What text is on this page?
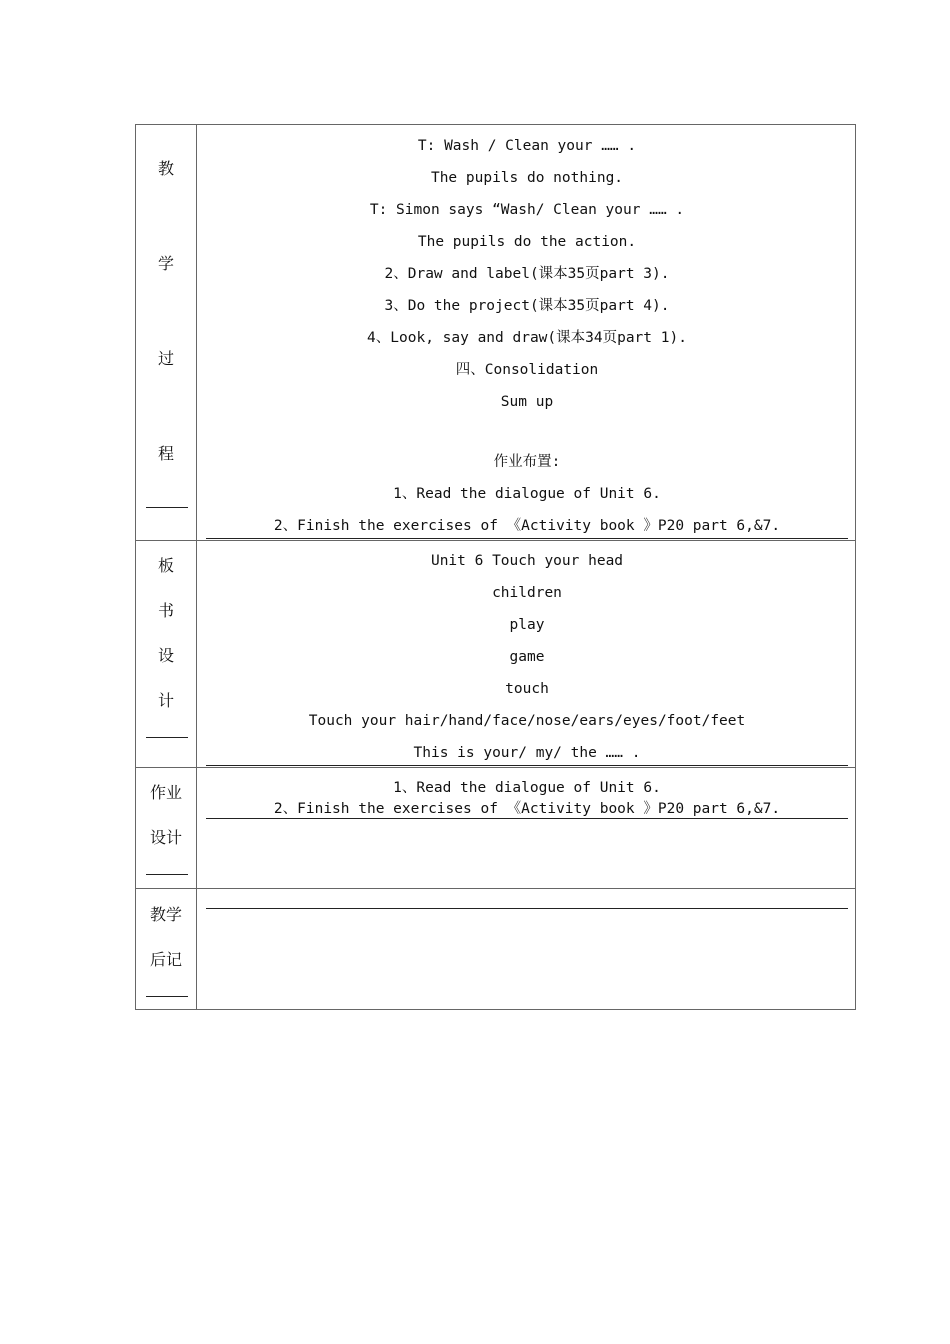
教
学
过
程
T: Wash / Clean your …… .
The pupils do nothing.
T: Simon says “Wash/ Clean your …… .
The pupils do the action.
2、Draw and label(课本35页part 3).
3、Do the project(课本35页part 4).
4、Look, say and draw(课本34页part 1).
四、Consolidation
Sum up
作业布置:
1、Read the dialogue of Unit 6.
2、Finish the exercises of 《Activity book 》P20 part 6,&7.
板
书
设
计
Unit 6 Touch your head
children
play
game
touch
Touch your hair/hand/face/nose/ears/eyes/foot/feet
This is your/ my/ the …… .
作业
设计
1、Read the dialogue of Unit 6.
2、Finish the exercises of 《Activity book 》P20 part 6,&7.
教学
后记
